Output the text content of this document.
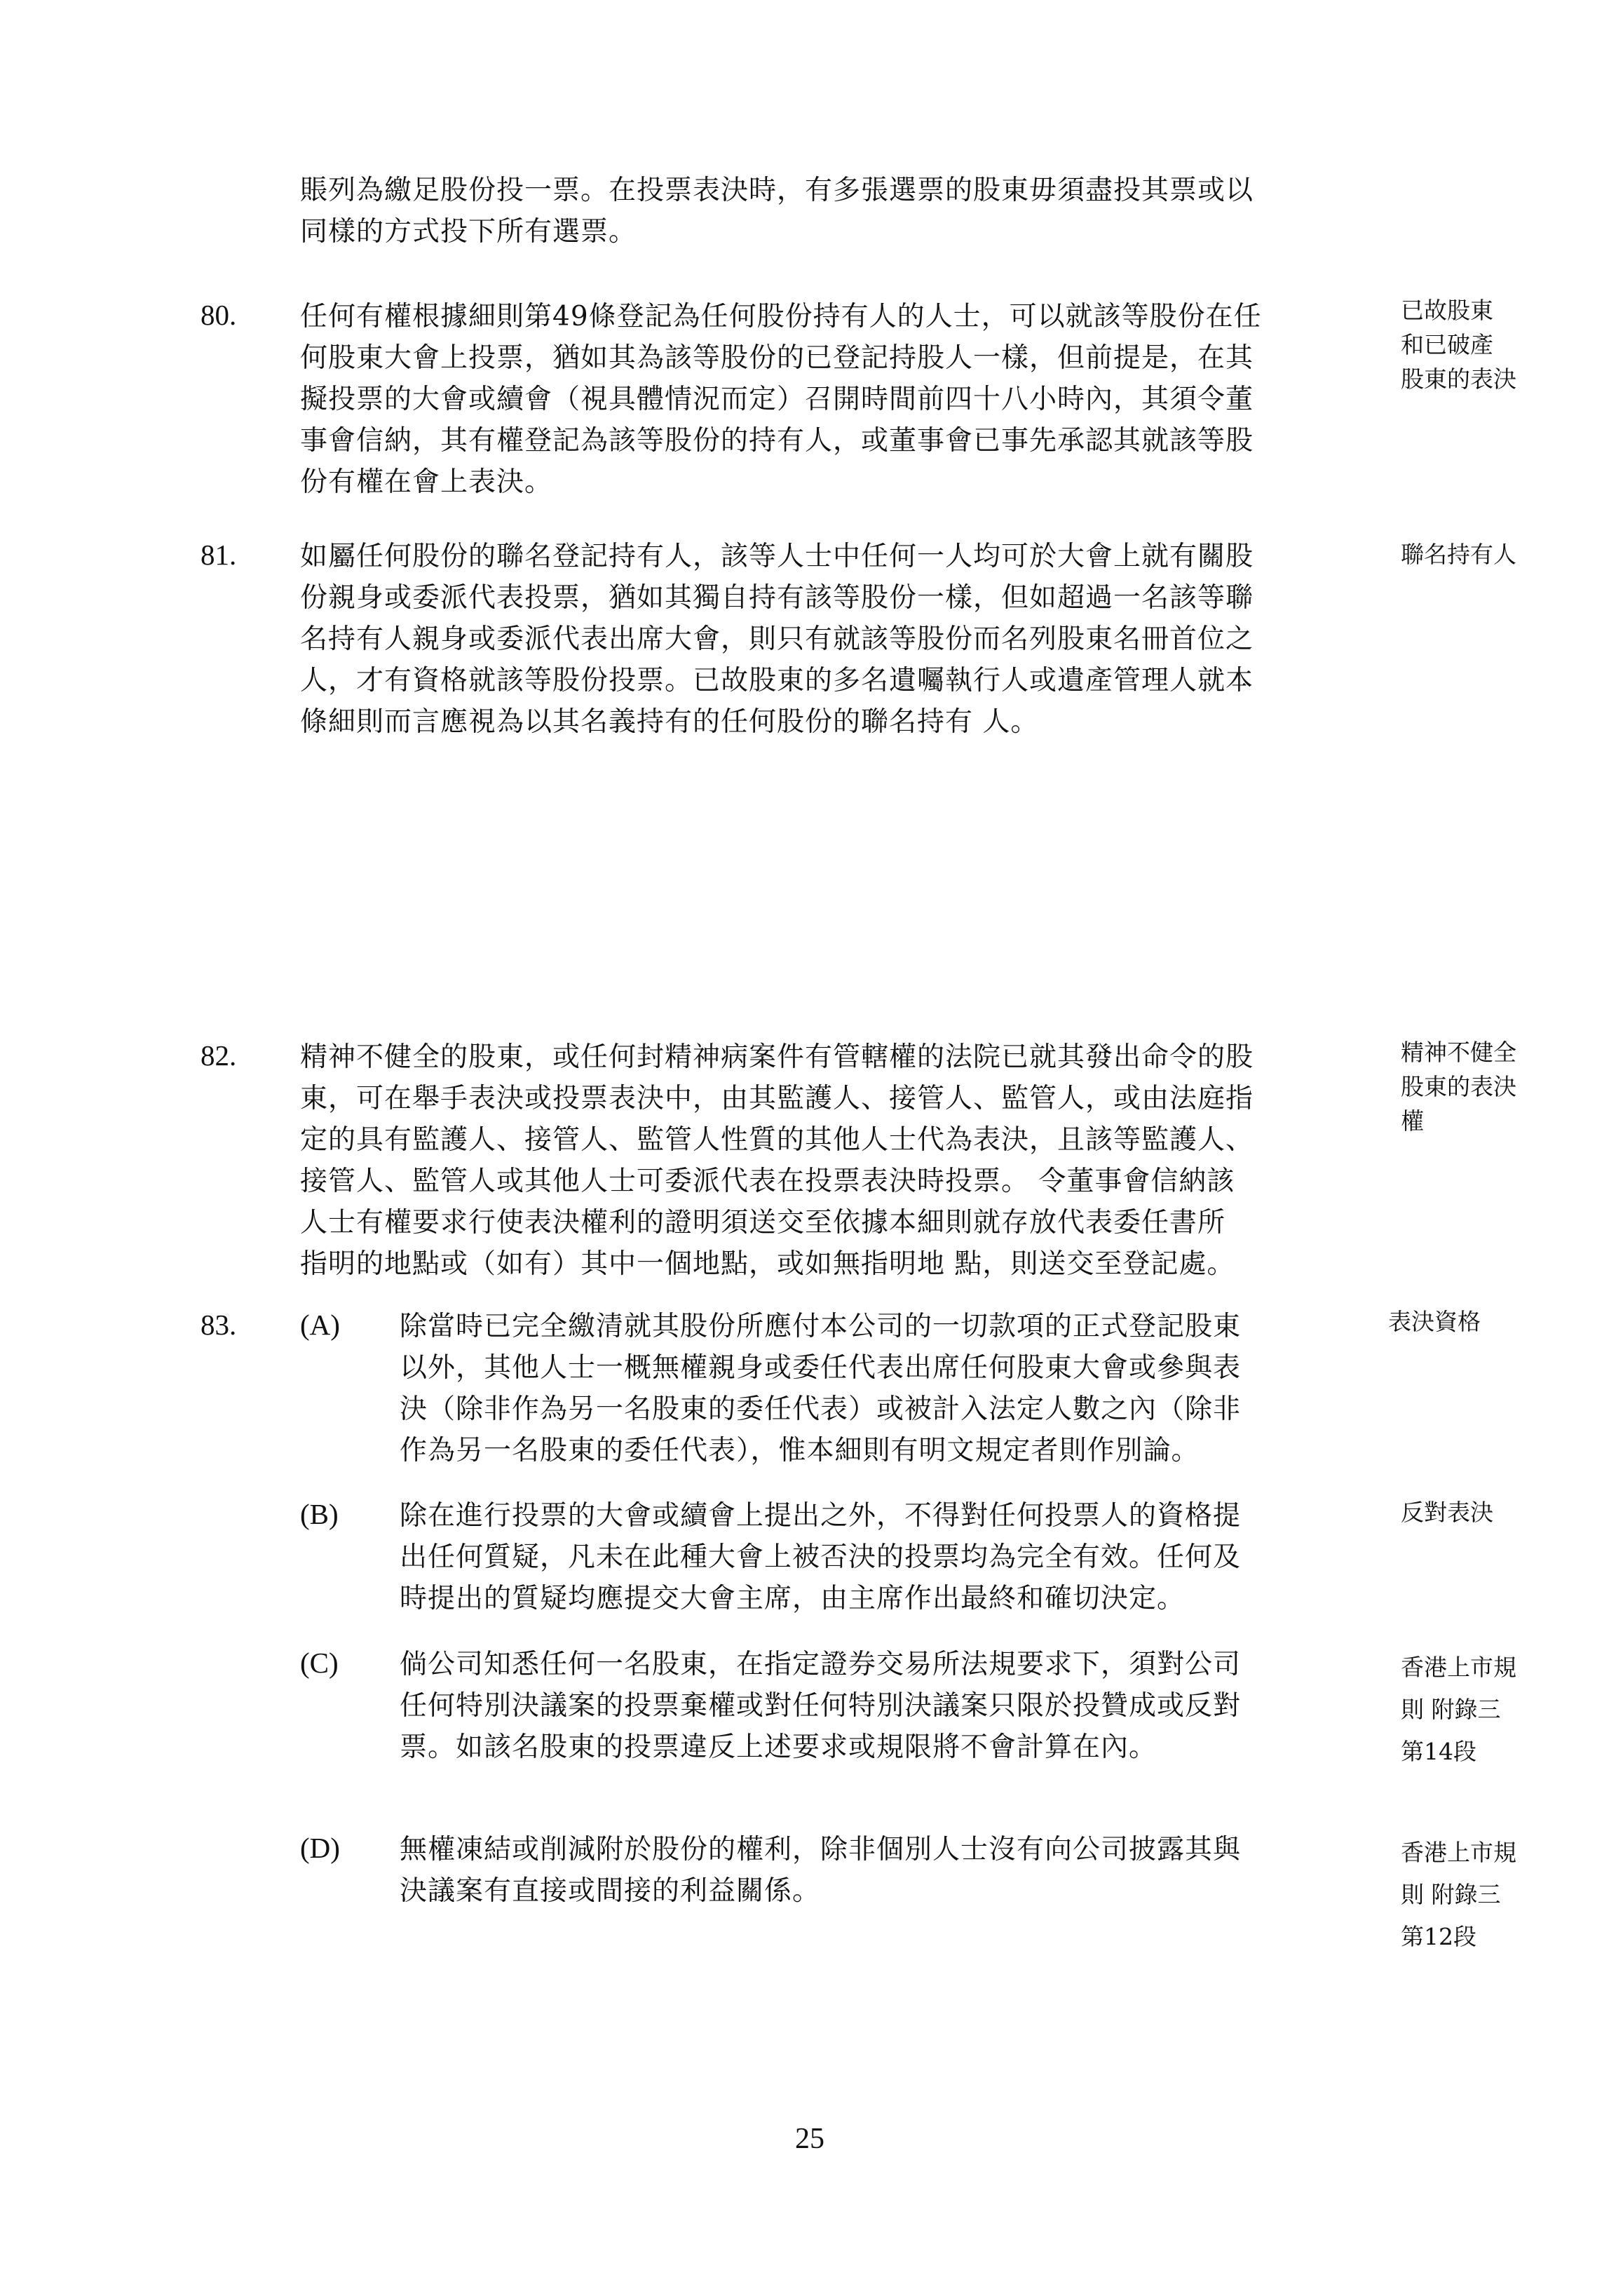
賬列為繳足股份投一票。在投票表決時，有多張選票的股東毋須盡投其票或以
同樣的方式投下所有選票。
80. 任何有權根據細則第49條登記為任何股份持有人的人士，可以就該等股份在任
何股東大會上投票，猶如其為該等股份的已登記持股人一樣，但前提是，在其
擬投票的大會或續會（視具體情況而定）召開時間前四十八小時內，其須令董
事會信納，其有權登記為該等股份的持有人，或董事會已事先承認其就該等股
份有權在會上表決。
已故股東
和已破產
股東的表決
81. 如屬任何股份的聯名登記持有人，該等人士中任何一人均可於大會上就有關股
份親身或委派代表投票，猶如其獨自持有該等股份一樣，但如超過一名該等聯
名持有人親身或委派代表出席大會，則只有就該等股份而名列股東名冊首位之
人，才有資格就該等股份投票。已故股東的多名遺囑執行人或遺產管理人就本
條細則而言應視為以其名義持有的任何股份的聯名持有 人。
聯名持有人
82. 精神不健全的股東，或任何封精神病案件有管轄權的法院已就其發出命令的股
東，可在舉手表決或投票表決中，由其監護人、接管人、監管人，或由法庭指
定的具有監護人、接管人、監管人性質的其他人士代為表決，且該等監護人、
接管人、監管人或其他人士可委派代表在投票表決時投票。 令董事會信納該
人士有權要求行使表決權利的證明須送交至依據本細則就存放代表委任書所
指明的地點或（如有）其中一個地點，或如無指明地 點，則送交至登記處。
精神不健全
股東的表決
權
83. (A) 除當時已完全繳清就其股份所應付本公司的一切款項的正式登記股東
以外，其他人士一概無權親身或委任代表出席任何股東大會或參與表
決（除非作為另一名股東的委任代表）或被計入法定人數之內（除非
作為另一名股東的委任代表），惟本細則有明文規定者則作別論。
表決資格
(B) 除在進行投票的大會或續會上提出之外，不得對任何投票人的資格提
出任何質疑，凡未在此種大會上被否決的投票均為完全有效。任何及
時提出的質疑均應提交大會主席，由主席作出最終和確切決定。
反對表決
(C) 倘公司知悉任何一名股東，在指定證券交易所法規要求下，須對公司
任何特別決議案的投票棄權或對任何特別決議案只限於投贊成或反對
票。如該名股東的投票違反上述要求或規限將不會計算在內。
香港上市規
則 附錄三
第14段
(D) 無權凍結或削減附於股份的權利，除非個別人士沒有向公司披露其與
決議案有直接或間接的利益關係。
香港上市規
則 附錄三
第12段
25
